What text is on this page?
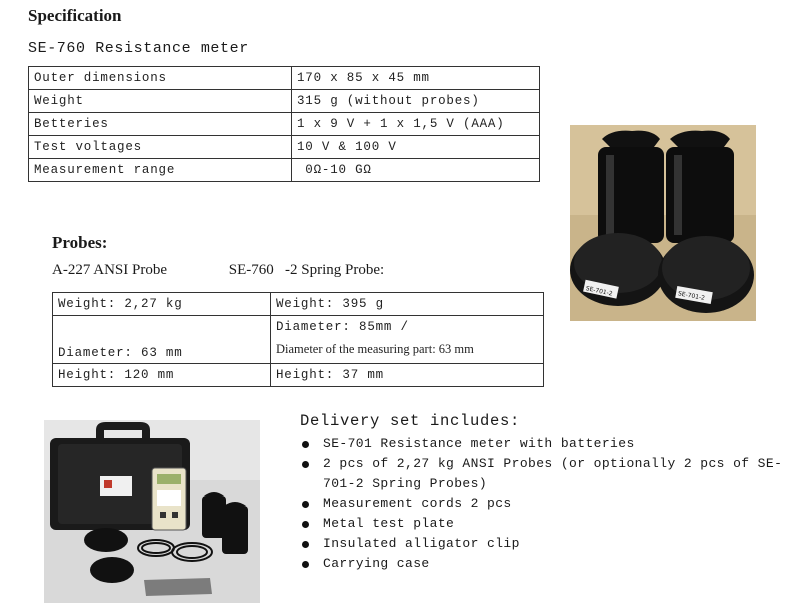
Specification
SE-760 Resistance meter
Outer dimensions	170 x 85 x 45 mm
Weight	315 g (without probes)
Betteries	1 x 9 V + 1 x 1,5 V (AAA)
Test voltages	10 V & 100 V
Measurement range	0Ω-10 GΩ
SE-701-2	SE-701-2
Probes:
A-227 ANSI Probe	SE-760   -2 Spring Probe:
Weight: 2,27 kg	Weight: 395 g
Diameter: 63 mm	Diameter: 85mm /
Diameter of the measuring part: 63 mm

Height: 120 mm	Height: 37 mm
Delivery set includes:
SE-701 Resistance meter with batteries
2 pcs of 2,27 kg ANSI Probes (or optionally 2 pcs of SE-701-2 Spring Probes)
Measurement cords 2 pcs
Metal test plate
Insulated alligator clip
Carrying case
